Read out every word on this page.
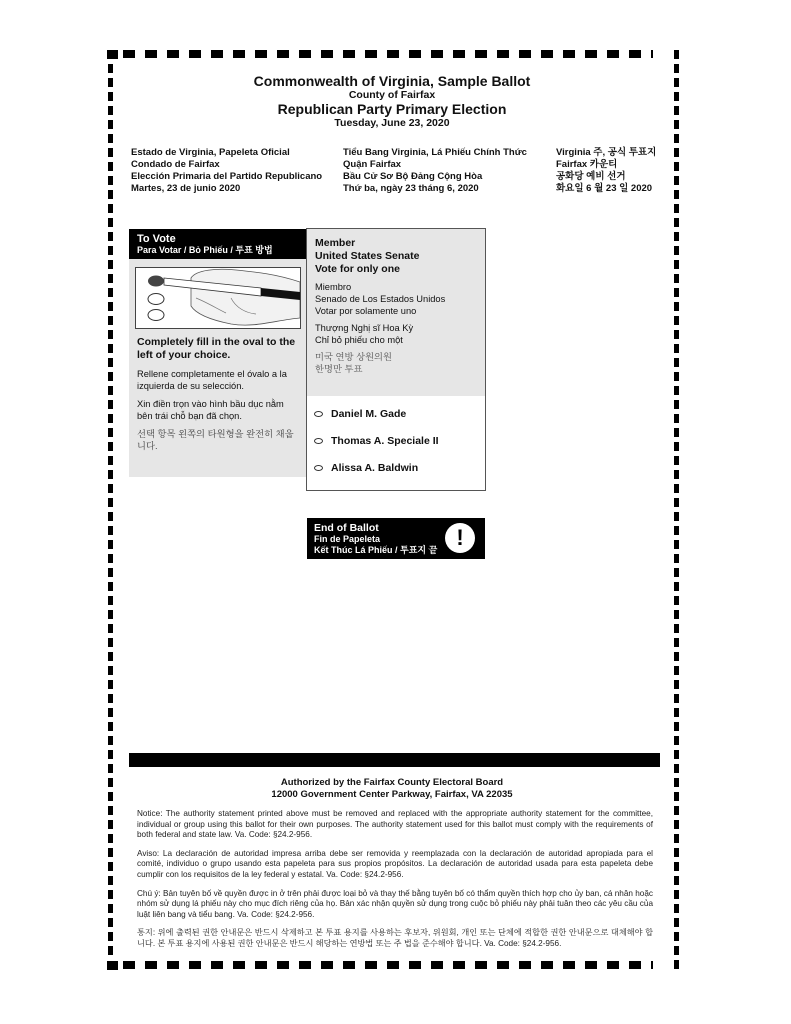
Commonwealth of Virginia, Sample Ballot
County of Fairfax
Republican Party Primary Election
Tuesday, June 23, 2020
Estado de Virginia, Papeleta Oficial
Condado de Fairfax
Elección Primaria del Partido Republicano
Martes, 23 de junio 2020
Tiểu Bang Virginia, Lá Phiếu Chính Thức
Quận Fairfax
Bầu Cử Sơ Bộ Đảng Cộng Hòa
Thứ ba, ngày 23 tháng 6, 2020
Virginia 주, 공식 투표지
Fairfax 카운티
공화당 예비 선거
화요일 6 월 23 일 2020
To Vote
Para Votar / Bỏ Phiếu / 투표 방법
Completely fill in the oval to the left of your choice.
Rellene completamente el óvalo a la izquierda de su selección.
Xin điền trọn vào hình bầu dục nằm bên trái chỗ bạn đã chọn.
선택 항목 왼쪽의 타원형을 완전히 채웁니다.
Member
United States Senate
Vote for only one
Miembro
Senado de Los Estados Unidos
Votar por solamente uno
Thượng Nghị sĩ Hoa Kỳ
Chỉ bỏ phiếu cho một
미국 연방 상원의원
한명만 투표
Daniel M. Gade
Thomas A. Speciale II
Alissa A. Baldwin
End of Ballot
Fin de Papeleta
Kết Thúc Lá Phiếu / 투표지 끝 !
Authorized by the Fairfax County Electoral Board
12000 Government Center Parkway, Fairfax, VA 22035

Notice: The authority statement printed above must be removed and replaced with the appropriate authority statement for the committee, individual or group using this ballot for their own purposes. The authority statement used for this ballot must comply with the requirements of both federal and state law. Va. Code: §24.2-956.

Aviso: La declaración de autoridad impresa arriba debe ser removida y reemplazada con la declaración de autoridad apropiada para el comité, individuo o grupo usando esta papeleta para sus propios propósitos. La declaración de autoridad usada para esta papeleta debe cumplir con los requisitos de la ley federal y estatal. Va. Code: §24.2-956.

Chú ý: Bản tuyên bố về quyền được in ở trên phải được loại bỏ và thay thế bằng tuyên bố có thẩm quyền thích hợp cho ủy ban, cá nhân hoặc nhóm sử dụng lá phiếu này cho mục đích riêng của họ. Bản xác nhận quyền sử dụng trong cuộc bỏ phiếu này phải tuân theo các yêu cầu của luật liên bang và tiểu bang. Va. Code: §24.2-956.

통지: 위에 출력된 권한 안내문은 반드시 삭제하고 본 투표 용지를 사용하는 후보자, 위원회, 개인 또는 단체에 적합한 권한 안내문으로 대체해야 합니다. 본 투표 용지에 사용된 권한 안내문은 반드시 해당하는 연방법 또는 주 법을 준수해야 합니다. Va. Code: §24.2-956.
